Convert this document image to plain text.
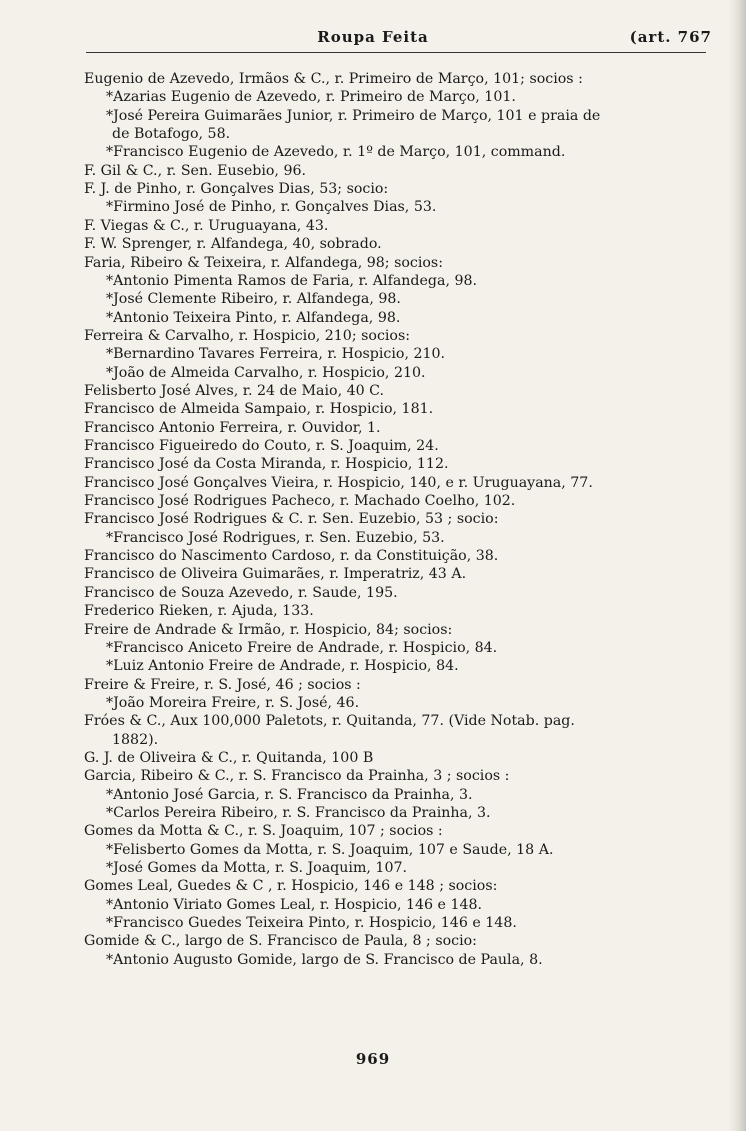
Roupa Feita	(art. 767
Eugenio de Azevedo, Irmãos & C., r. Primeiro de Março, 101; socios :
*Azarias Eugenio de Azevedo, r. Primeiro de Março, 101.
*José Pereira Guimarães Junior, r. Primeiro de Março, 101 e praia de
de Botafogo, 58.
*Francisco Eugenio de Azevedo, r. 1º de Março, 101, command.
F. Gil & C., r. Sen. Eusebio, 96.
F. J. de Pinho, r. Gonçalves Dias, 53; socio:
*Firmino José de Pinho, r. Gonçalves Dias, 53.
F. Viegas & C., r. Uruguayana, 43.
F. W. Sprenger, r. Alfandega, 40, sobrado.
Faria, Ribeiro & Teixeira, r. Alfandega, 98; socios:
*Antonio Pimenta Ramos de Faria, r. Alfandega, 98.
*José Clemente Ribeiro, r. Alfandega, 98.
*Antonio Teixeira Pinto, r. Alfandega, 98.
Ferreira & Carvalho, r. Hospicio, 210; socios:
*Bernardino Tavares Ferreira, r. Hospicio, 210.
*João de Almeida Carvalho, r. Hospicio, 210.
Felisberto José Alves, r. 24 de Maio, 40 C.
Francisco de Almeida Sampaio, r. Hospicio, 181.
Francisco Antonio Ferreira, r. Ouvidor, 1.
Francisco Figueiredo do Couto, r. S. Joaquim, 24.
Francisco José da Costa Miranda, r. Hospicio, 112.
Francisco José Gonçalves Vieira, r. Hospicio, 140, e r. Uruguayana, 77.
Francisco José Rodrigues Pacheco, r. Machado Coelho, 102.
Francisco José Rodrigues & C. r. Sen. Euzebio, 53 ; socio:
*Francisco José Rodrigues, r. Sen. Euzebio, 53.
Francisco do Nascimento Cardoso, r. da Constituição, 38.
Francisco de Oliveira Guimarães, r. Imperatriz, 43 A.
Francisco de Souza Azevedo, r. Saude, 195.
Frederico Rieken, r. Ajuda, 133.
Freire de Andrade & Irmão, r. Hospicio, 84; socios:
*Francisco Aniceto Freire de Andrade, r. Hospicio, 84.
*Luiz Antonio Freire de Andrade, r. Hospicio, 84.
Freire & Freire, r. S. José, 46 ; socios :
*João Moreira Freire, r. S. José, 46.
Fróes & C., Aux 100,000 Paletots, r. Quitanda, 77. (Vide Notab. pag.
1882).
G. J. de Oliveira & C., r. Quitanda, 100 B
Garcia, Ribeiro & C., r. S. Francisco da Prainha, 3 ; socios :
*Antonio José Garcia, r. S. Francisco da Prainha, 3.
*Carlos Pereira Ribeiro, r. S. Francisco da Prainha, 3.
Gomes da Motta & C., r. S. Joaquim, 107 ; socios :
*Felisberto Gomes da Motta, r. S. Joaquim, 107 e Saude, 18 A.
*José Gomes da Motta, r. S. Joaquim, 107.
Gomes Leal, Guedes & C , r. Hospicio, 146 e 148 ; socios:
*Antonio Viriato Gomes Leal, r. Hospicio, 146 e 148.
*Francisco Guedes Teixeira Pinto, r. Hospicio, 146 e 148.
Gomide & C., largo de S. Francisco de Paula, 8 ; socio:
*Antonio Augusto Gomide, largo de S. Francisco de Paula, 8.
969
